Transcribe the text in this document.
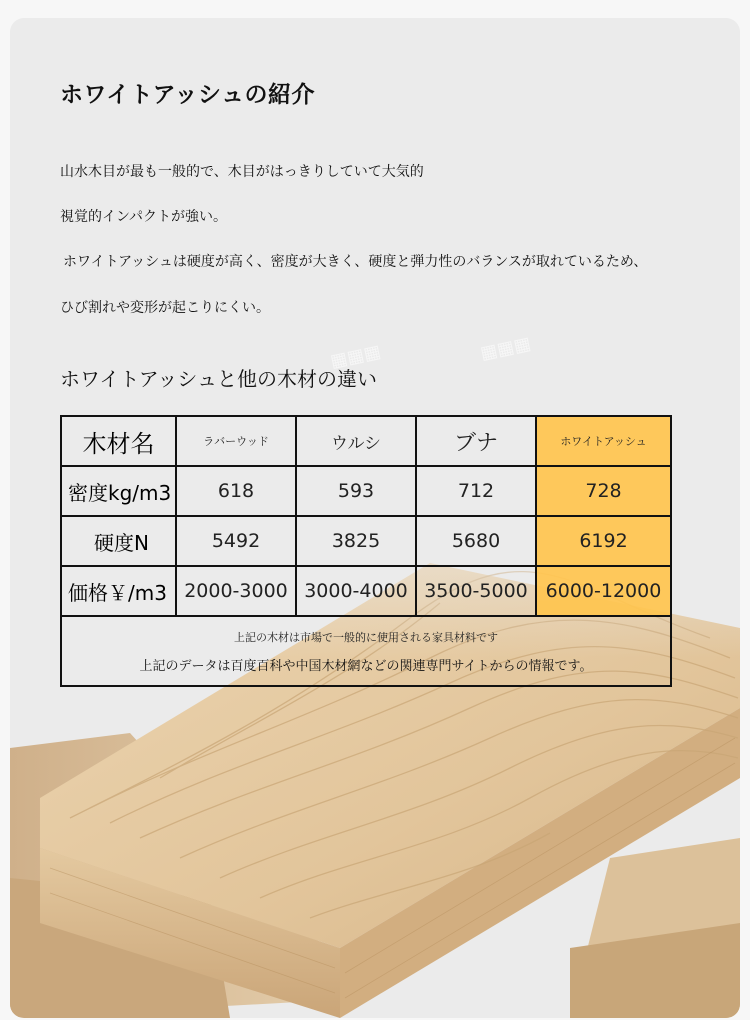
▦▦▦
▦▦▦
ホワイトアッシュの紹介
山水木目が最も一般的で、木目がはっきりしていて大気的
視覚的インパクトが強い。
ホワイトアッシュは硬度が高く、密度が大きく、硬度と弾力性のバランスが取れているため、
ひび割れや変形が起こりにくい。
ホワイトアッシュと他の木材の違い
木材名	ラバーウッド	ウルシ	ブナ	ホワイトアッシュ
密度kg/m3	618	593	712	728
硬度N	5492	3825	5680	6192
価格￥/m3	2000-3000	3000-4000	3500-5000	6000-12000

上記の木材は市場で一般的に使用される家具材料です
上記のデータは百度百科や中国木材網などの関連専門サイトからの情報です。				
